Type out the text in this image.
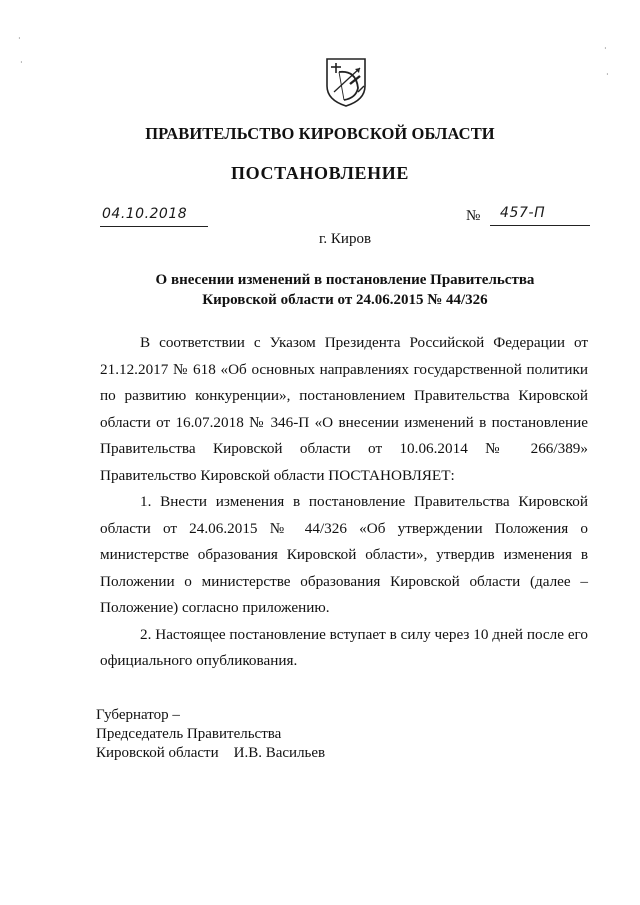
ПРАВИТЕЛЬСТВО КИРОВСКОЙ ОБЛАСТИ
ПОСТАНОВЛЕНИЕ
04.10.2018	№ 457-П
г. Киров
О внесении изменений в постановление Правительства
Кировской области от 24.06.2015 № 44/326

В соответствии с Указом Президента Российской Федерации от 21.12.2017 № 618 «Об основных направлениях государственной политики по развитию конкуренции», постановлением Правительства Кировской области от 16.07.2018 № 346-П «О внесении изменений в постановление Правительства Кировской области от 10.06.2014 № 266/389» Правительство Кировской области ПОСТАНОВЛЯЕТ:

1. Внести изменения в постановление Правительства Кировской области от 24.06.2015 № 44/326 «Об утверждении Положения о министерстве образования Кировской области», утвердив изменения в Положении о министерстве образования Кировской области (далее – Положение) согласно приложению.

2. Настоящее постановление вступает в силу через 10 дней после его официального опубликования.

Губернатор –
Председатель Правительства
Кировской области    И.В. Васильев
·
·
·
·
